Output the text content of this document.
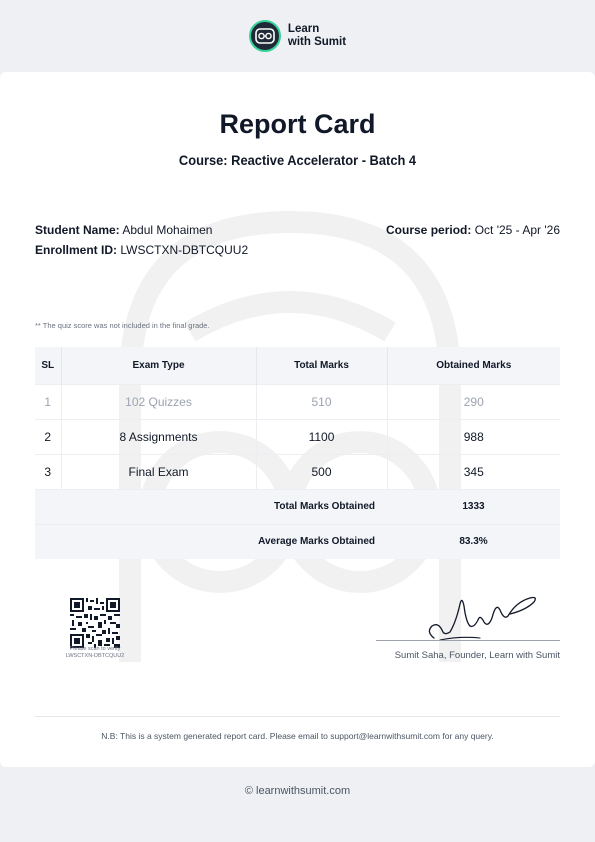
Learn
with Sumit
Report Card
Course: Reactive Accelerator - Batch 4
Student Name: Abdul Mohaimen
Enrollment ID: LWSCTXN-DBTCQUU2
Course period: Oct '25 - Apr '26
** The quiz score was not included in the final grade.
SL	Exam Type	Total Marks	Obtained Marks
1	102 Quizzes	510	290
2	8 Assignments	1100	988
3	Final Exam	500	345
Total Marks Obtained			1333
Average Marks Obtained			83.3%
Please scan to verify
LWSCTXN-DBTCQUU2	Sumit Saha, Founder, Learn with Sumit
N.B: This is a system generated report card. Please email to support@learnwithsumit.com for any query.
© learnwithsumit.com
